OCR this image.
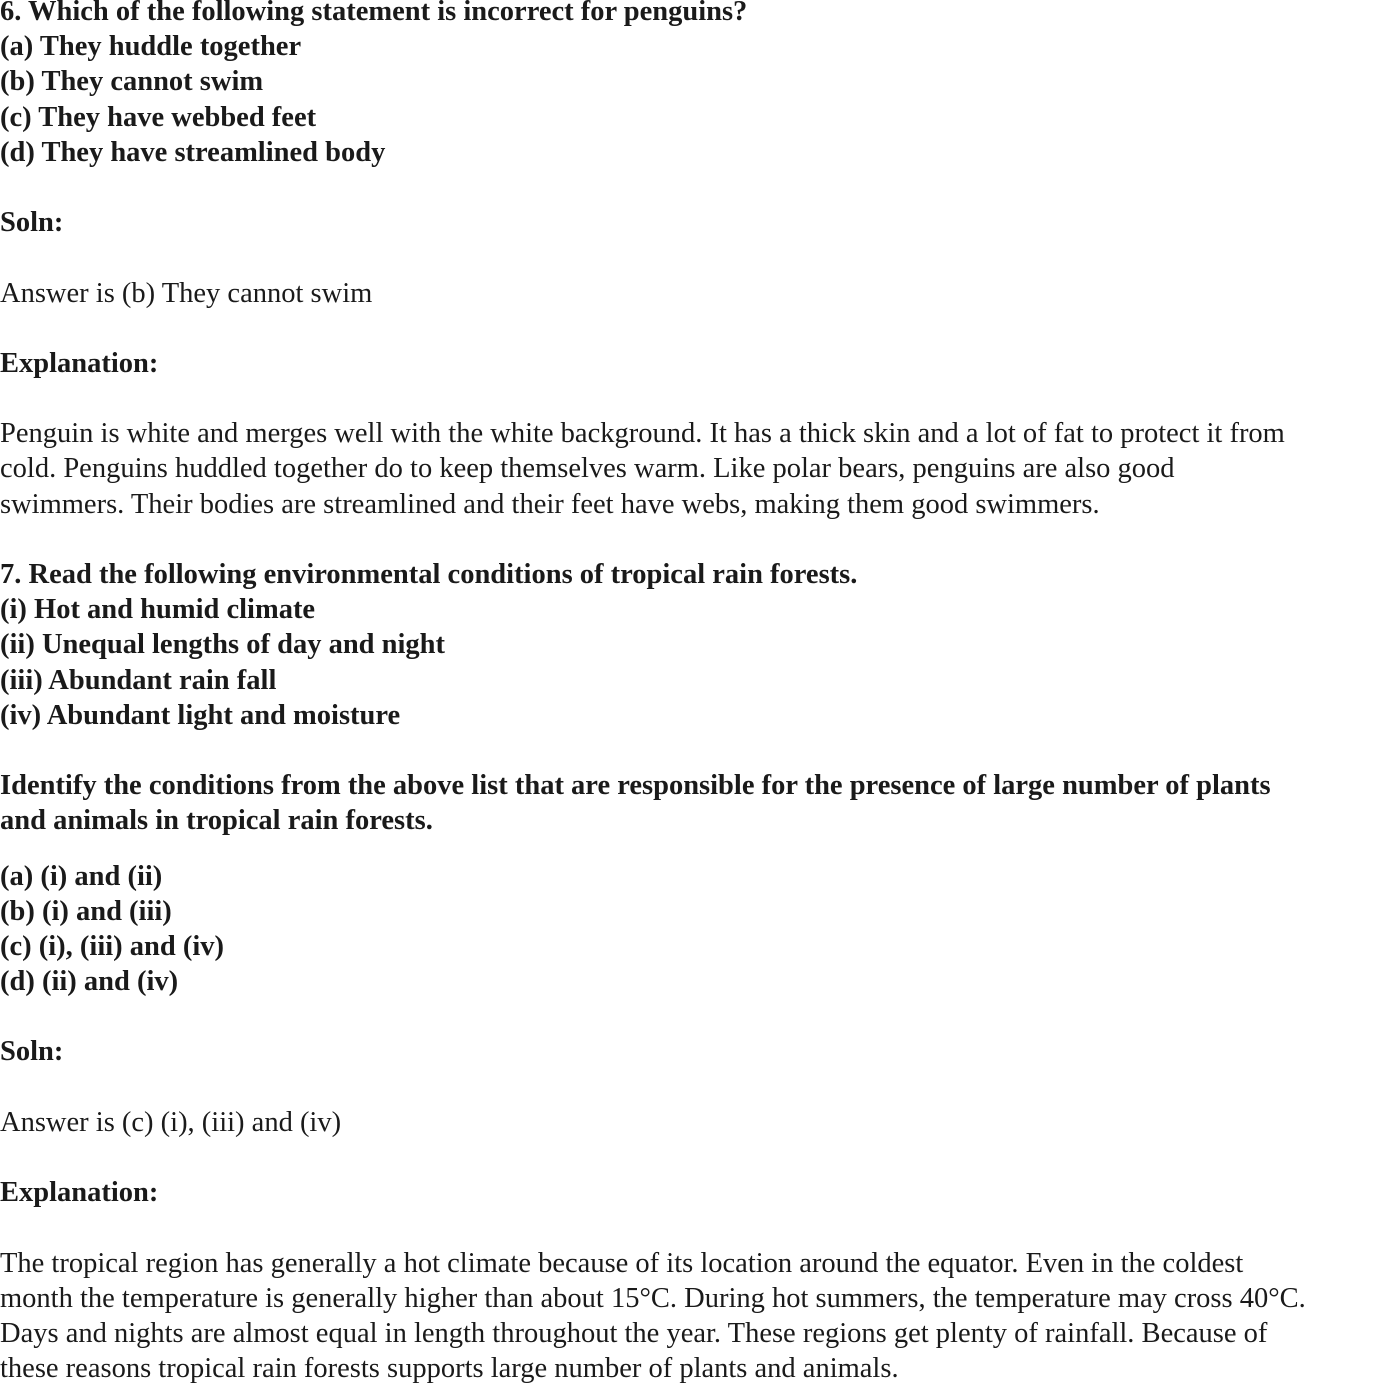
6. Which of the following statement is incorrect for penguins?
(a) They huddle together
(b) They cannot swim
(c) They have webbed feet
(d) They have streamlined body
Soln:
Answer is (b) They cannot swim
Explanation:
Penguin is white and merges well with the white background. It has a thick skin and a lot of fat to protect it from
cold. Penguins huddled together do to keep themselves warm. Like polar bears, penguins are also good
swimmers. Their bodies are streamlined and their feet have webs, making them good swimmers.
7. Read the following environmental conditions of tropical rain forests.
(i) Hot and humid climate
(ii) Unequal lengths of day and night
(iii) Abundant rain fall
(iv) Abundant light and moisture
Identify the conditions from the above list that are responsible for the presence of large number of plants
and animals in tropical rain forests.
(a) (i) and (ii)
(b) (i) and (iii)
(c) (i), (iii) and (iv)
(d) (ii) and (iv)
Soln:
Answer is (c) (i), (iii) and (iv)
Explanation:
The tropical region has generally a hot climate because of its location around the equator. Even in the coldest
month the temperature is generally higher than about 15°C. During hot summers, the temperature may cross 40°C.
Days and nights are almost equal in length throughout the year. These regions get plenty of rainfall. Because of
these reasons tropical rain forests supports large number of plants and animals.
